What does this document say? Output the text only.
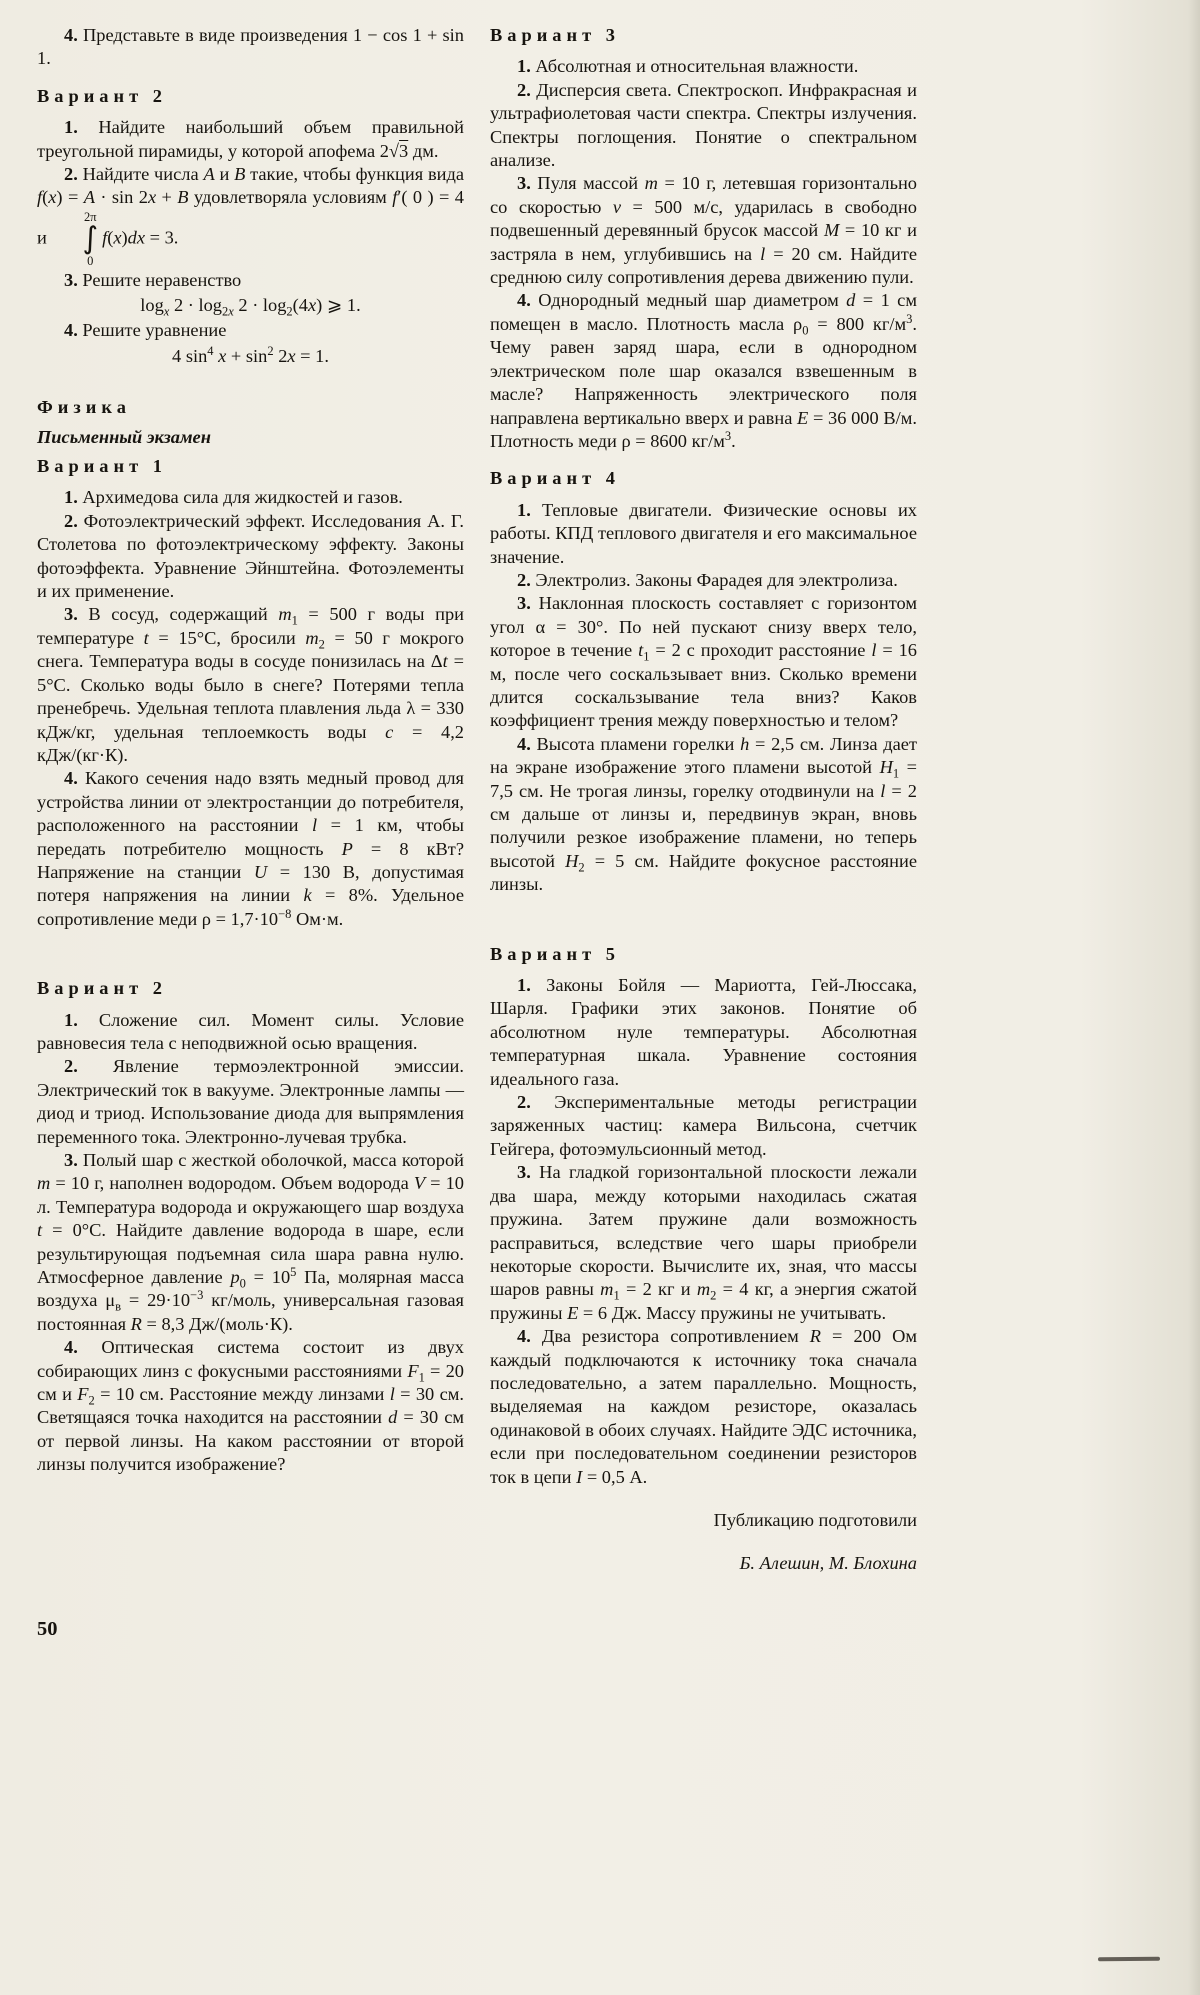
4. Представьте в виде произведения 1 − cos 1 + sin 1.
Вариант 2
1. Найдите наибольший объем правильной треугольной пирамиды, у которой апофема 2√3 дм.
2. Найдите числа A и B такие, чтобы функция вида f(x) = A · sin 2x + B удовлетворяла условиям f′( 0 ) = 4 и
2π
∫
0
f(x)dx = 3.
3. Решите неравенство
$\log_x 2 \cdot \log_{2x} 2 \cdot \log_2(4x)$ ⩾ 1.
4. Решите уравнение
4 $\sin^4 x + \sin^2 2x = 1$.
Физика
Письменный экзамен
Вариант 1
1. Архимедова сила для жидкостей и газов.
2. Фотоэлектрический эффект. Исследования А. Г. Столетова по фотоэлектрическому эффекту. Законы фотоэффекта. Уравнение Эйнштейна. Фотоэлементы и их применение.
3. В сосуд, содержащий $m_1 = 500$ г воды при температуре t = 15°C, бросили $m_2 = 50$ г мокрого снега. Температура воды в сосуде понизилась на Δt = 5°C. Сколько воды было в снеге? Потерями тепла пренебречь. Удельная теплота плавления льда λ = 330 кДж/кг, удельная теплоемкость воды c = 4,2 кДж/(кг·К).
4. Какого сечения надо взять медный провод для устройства линии от электростанции до потребителя, расположенного на расстоянии l = 1 км, чтобы передать потребителю мощность P = 8 кВт? Напряжение на станции U = 130 В, допустимая потеря напряжения на линии k = 8%. Удельное сопротивление меди $\rho = 1,7\cdot 10^{-8}$ Ом·м.
Вариант 2
1. Сложение сил. Момент силы. Условие равновесия тела с неподвижной осью вращения.
2. Явление термоэлектронной эмиссии. Электрический ток в вакууме. Электронные лампы — диод и триод. Использование диода для выпрямления переменного тока. Электронно-лучевая трубка.
3. Полый шар с жесткой оболочкой, масса которой m = 10 г, наполнен водородом. Объем водорода V = 10 л. Температура водорода и окружающего шар воздуха t = 0°C. Найдите давление водорода в шаре, если результирующая подъемная сила шара равна нулю. Атмосферное давление $p_0 = 10^5$ Па, молярная масса воздуха $\mu_в = 29\cdot 10^{-3}$ кг/моль, универсальная газовая постоянная R = 8,3 Дж/(моль·К).
4. Оптическая система состоит из двух собирающих линз с фокусными расстояниями $F_1 = 20$ см и $F_2 = 10$ см. Расстояние между линзами l = 30 см. Светящаяся точка находится на расстоянии d = 30 см от первой линзы. На каком расстоянии от второй линзы получится изображение?
Вариант 3
1. Абсолютная и относительная влажности.
2. Дисперсия света. Спектроскоп. Инфракрасная и ультрафиолетовая части спектра. Спектры излучения. Спектры поглощения. Понятие о спектральном анализе.
3. Пуля массой m = 10 г, летевшая горизонтально со скоростью v = 500 м/с, ударилась в свободно подвешенный деревянный брусок массой M = 10 кг и застряла в нем, углубившись на l = 20 см. Найдите среднюю силу сопротивления дерева движению пули.
4. Однородный медный шар диаметром d = 1 см помещен в масло. Плотность масла $\rho_0 = 800$ $кг/м^3$. Чему равен заряд шара, если в однородном электрическом поле шар оказался взвешенным в масле? Напряженность электрического поля направлена вертикально вверх и равна E = 36 000 В/м. Плотность меди ρ = 8600 $кг/м^3$.
Вариант 4
1. Тепловые двигатели. Физические основы их работы. КПД теплового двигателя и его максимальное значение.
2. Электролиз. Законы Фарадея для электролиза.
3. Наклонная плоскость составляет с горизонтом угол α = 30°. По ней пускают снизу вверх тело, которое в течение $t_1 = 2$ с проходит расстояние l = 16 м, после чего соскальзывает вниз. Сколько времени длится соскальзывание тела вниз? Каков коэффициент трения между поверхностью и телом?
4. Высота пламени горелки h = 2,5 см. Линза дает на экране изображение этого пламени высотой $H_1 = 7,5$ см. Не трогая линзы, горелку отодвинули на l = 2 см дальше от линзы и, передвинув экран, вновь получили резкое изображение пламени, но теперь высотой $H_2 = 5$ см. Найдите фокусное расстояние линзы.
Вариант 5
1. Законы Бойля — Мариотта, Гей-Люссака, Шарля. Графики этих законов. Понятие об абсолютном нуле температуры. Абсолютная температурная шкала. Уравнение состояния идеального газа.
2. Экспериментальные методы регистрации заряженных частиц: камера Вильсона, счетчик Гейгера, фотоэмульсионный метод.
3. На гладкой горизонтальной плоскости лежали два шара, между которыми находилась сжатая пружина. Затем пружине дали возможность расправиться, вследствие чего шары приобрели некоторые скорости. Вычислите их, зная, что массы шаров равны $m_1 = 2$ кг и $m_2 = 4$ кг, а энергия сжатой пружины E = 6 Дж. Массу пружины не учитывать.
4. Два резистора сопротивлением R = 200 Ом каждый подключаются к источнику тока сначала последовательно, а затем параллельно. Мощность, выделяемая на каждом резисторе, оказалась одинаковой в обоих случаях. Найдите ЭДС источника, если при последовательном соединении резисторов ток в цепи I = 0,5 А.
Публикацию подготовили
Б. Алешин, М. Блохина
50
